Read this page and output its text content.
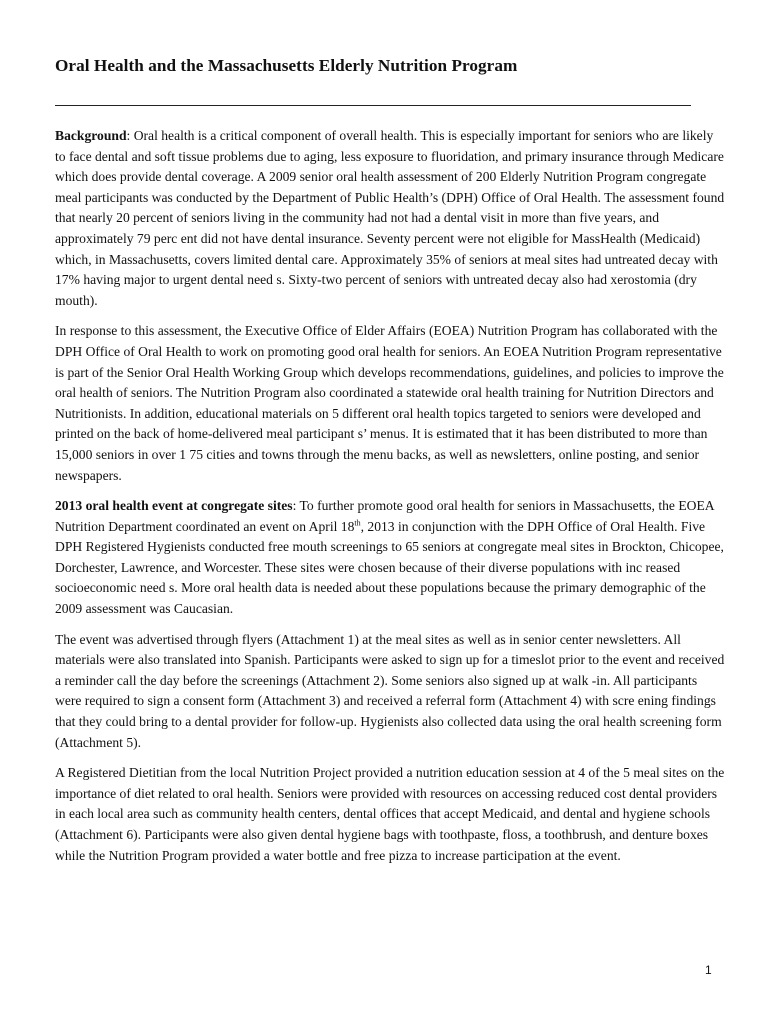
Oral Health and the Massachusetts Elderly Nutrition Program

Background: Oral health is a critical component of overall health. This is especially important for seniors who are likely to face dental and soft tissue problems due to aging, less exposure to fluoridation, and primary insurance through Medicare which does provide dental coverage. A 2009 senior oral health assessment of 200 Elderly Nutrition Program congregate meal participants was conducted by the Department of Public Health’s (DPH) Office of Oral Health. The assessment found that nearly 20 percent of seniors living in the community had not had a dental visit in more than five years, and approximately 79 perc ent did not have dental insurance. Seventy percent were not eligible for MassHealth (Medicaid) which, in Massachusetts, covers limited dental care. Approximately 35% of seniors at meal sites had untreated decay with 17% having major to urgent dental need s. Sixty-two percent of seniors with untreated decay also had xerostomia (dry mouth).

In response to this assessment, the Executive Office of Elder Affairs (EOEA) Nutrition Program has collaborated with the DPH Office of Oral Health to work on promoting good oral health for seniors. An EOEA Nutrition Program representative is part of the Senior Oral Health Working Group which develops recommendations, guidelines, and policies to improve the oral health of seniors. The Nutrition Program also coordinated a statewide oral health training for Nutrition Directors and Nutritionists. In addition, educational materials on 5 different oral health topics targeted to seniors were developed and printed on the back of home-delivered meal participant s’ menus. It is estimated that it has been distributed to more than 15,000 seniors in over 1 75 cities and towns through the menu backs, as well as newsletters, online posting, and senior newspapers.

2013 oral health event at congregate sites: To further promote good oral health for seniors in Massachusetts, the EOEA Nutrition Department coordinated an event on April 18th, 2013 in conjunction with the DPH Office of Oral Health. Five DPH Registered Hygienists conducted free mouth screenings to 65 seniors at congregate meal sites in Brockton, Chicopee, Dorchester, Lawrence, and Worcester. These sites were chosen because of their diverse populations with inc reased socioeconomic need s. More oral health data is needed about these populations because the primary demographic of the 2009 assessment was Caucasian.

The event was advertised through flyers (Attachment 1) at the meal sites as well as in senior center newsletters. All materials were also translated into Spanish. Participants were asked to sign up for a timeslot prior to the event and received a reminder call the day before the screenings (Attachment 2). Some seniors also signed up at walk -in. All participants were required to sign a consent form (Attachment 3) and received a referral form (Attachment 4) with scre ening findings that they could bring to a dental provider for follow-up. Hygienists also collected data using the oral health screening form (Attachment 5).

A Registered Dietitian from the local Nutrition Project provided a nutrition education session at 4 of the 5 meal sites on the importance of diet related to oral health. Seniors were provided with resources on accessing reduced cost dental providers in each local area such as community health centers, dental offices that accept Medicaid, and dental and hygiene schools (Attachment 6). Participants were also given dental hygiene bags with toothpaste, floss, a toothbrush, and denture boxes while the Nutrition Program provided a water bottle and free pizza to increase participation at the event.

1
